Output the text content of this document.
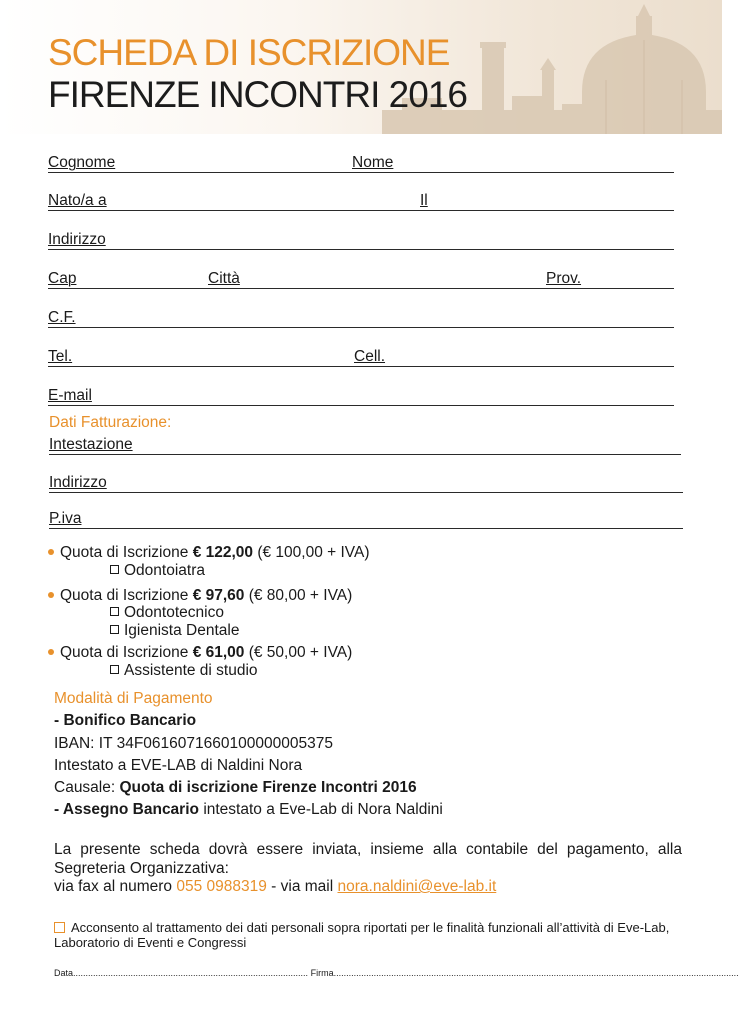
SCHEDA DI ISCRIZIONE
FIRENZE INCONTRI 2016
Cognome	Nome
Nato/a a	Il
Indirizzo
Cap	Città	Prov.
C.F.
Tel.	Cell.
E-mail
Dati Fatturazione:
Intestazione
Indirizzo
P.iva
Quota di Iscrizione € 122,00 (€ 100,00 + IVA)
Odontoiatra
Quota di Iscrizione € 97,60 (€ 80,00 + IVA)
Odontotecnico
Igienista Dentale
Quota di Iscrizione € 61,00 (€ 50,00 + IVA)
Assistente di studio
Modalità di Pagamento
- Bonifico Bancario
IBAN: IT 34F0616071660100000005375
Intestato a EVE-LAB di Naldini Nora
Causale: Quota di iscrizione Firenze Incontri 2016
- Assegno Bancario intestato a Eve-Lab di Nora Naldini
La presente scheda dovrà essere inviata, insieme alla contabile del pagamento, alla Segreteria Organizzativa:
via fax al numero 055 0988319 - via mail nora.naldini@eve-lab.it
Acconsento al trattamento dei dati personali sopra riportati per le finalità funzionali all’attività di Eve-Lab, Laboratorio di Eventi e Congressi
Data.............................................................................................. Firma..................................................................................................................................................................
